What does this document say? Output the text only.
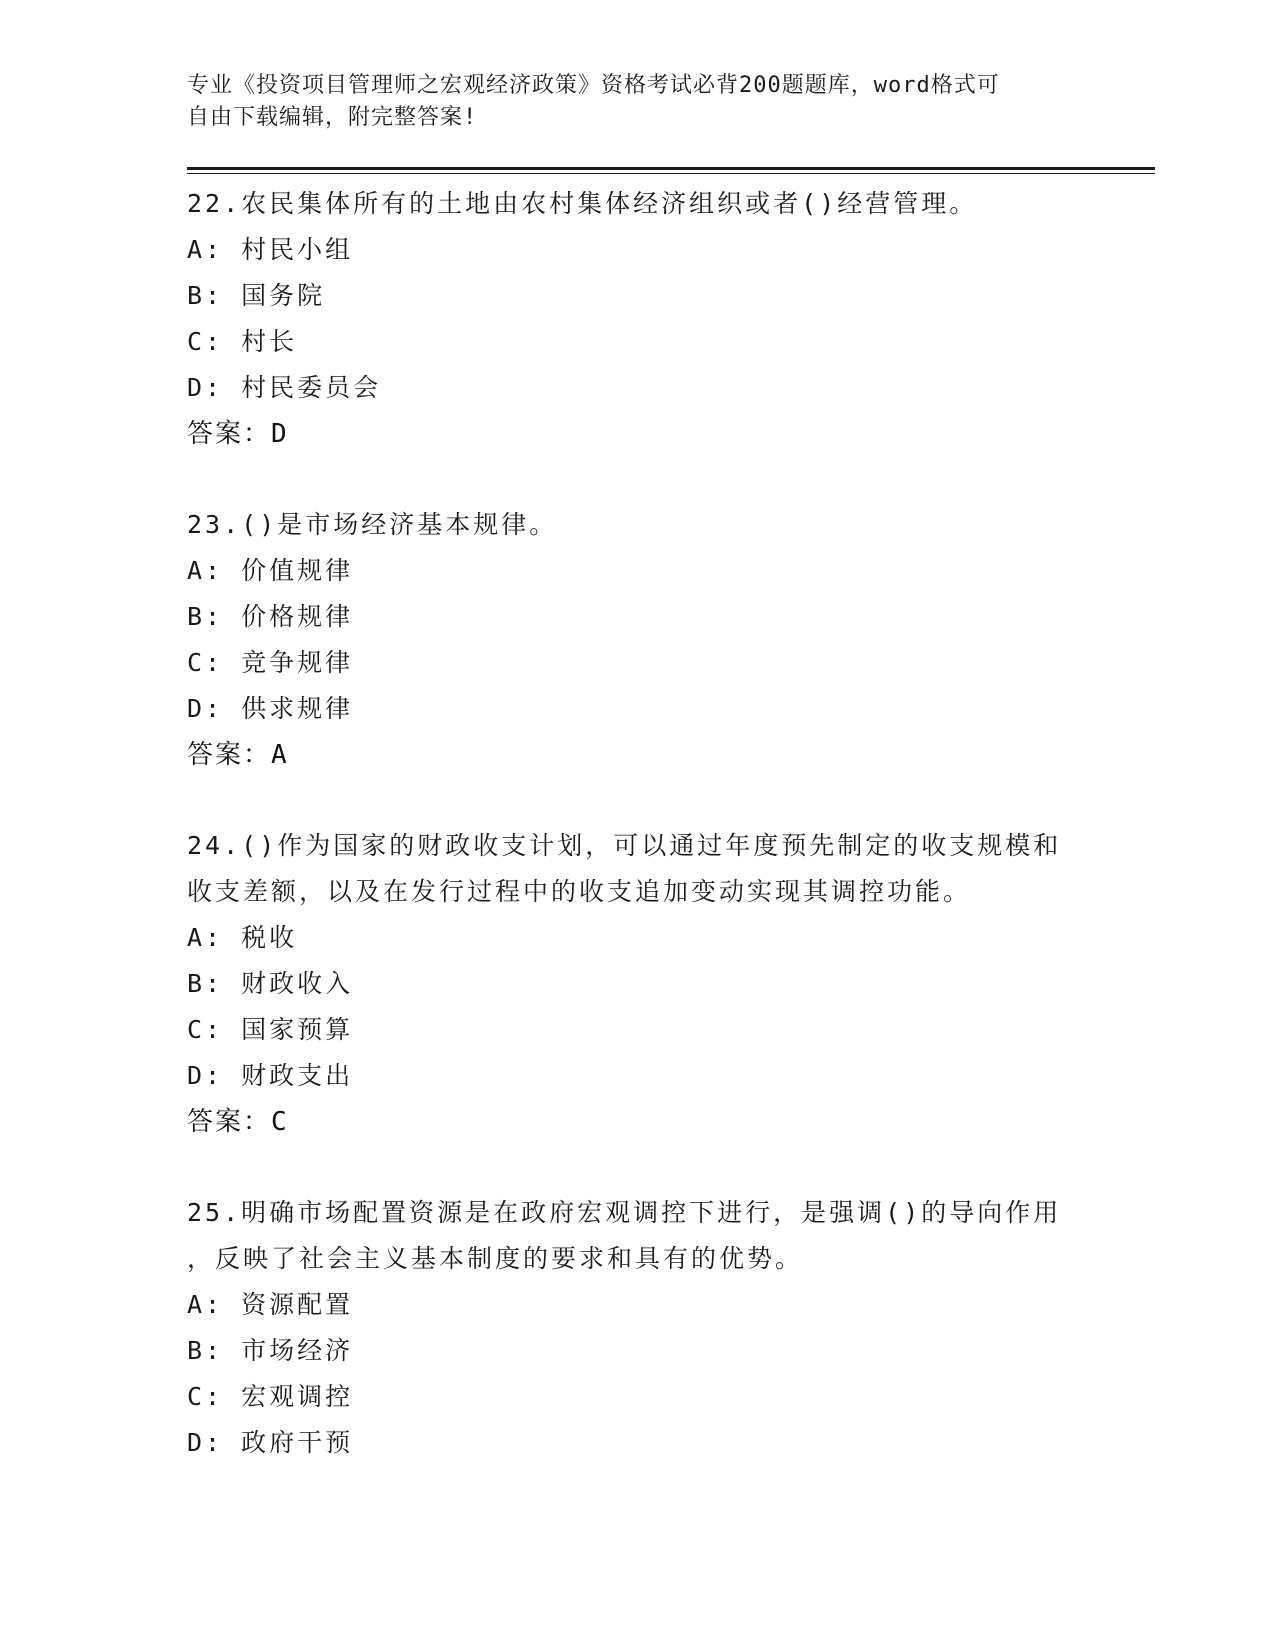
专业《投资项目管理师之宏观经济政策》资格考试必背200题题库，word格式可
自由下载编辑，附完整答案!
22.农民集体所有的土地由农村集体经济组织或者()经营管理。
A: 村民小组
B: 国务院
C: 村长
D: 村民委员会
答案：D
23.()是市场经济基本规律。
A: 价值规律
B: 价格规律
C: 竞争规律
D: 供求规律
答案：A
24.()作为国家的财政收支计划，可以通过年度预先制定的收支规模和
收支差额，以及在发行过程中的收支追加变动实现其调控功能。
A: 税收
B: 财政收入
C: 国家预算
D: 财政支出
答案：C
25.明确市场配置资源是在政府宏观调控下进行，是强调()的导向作用
，反映了社会主义基本制度的要求和具有的优势。
A: 资源配置
B: 市场经济
C: 宏观调控
D: 政府干预
